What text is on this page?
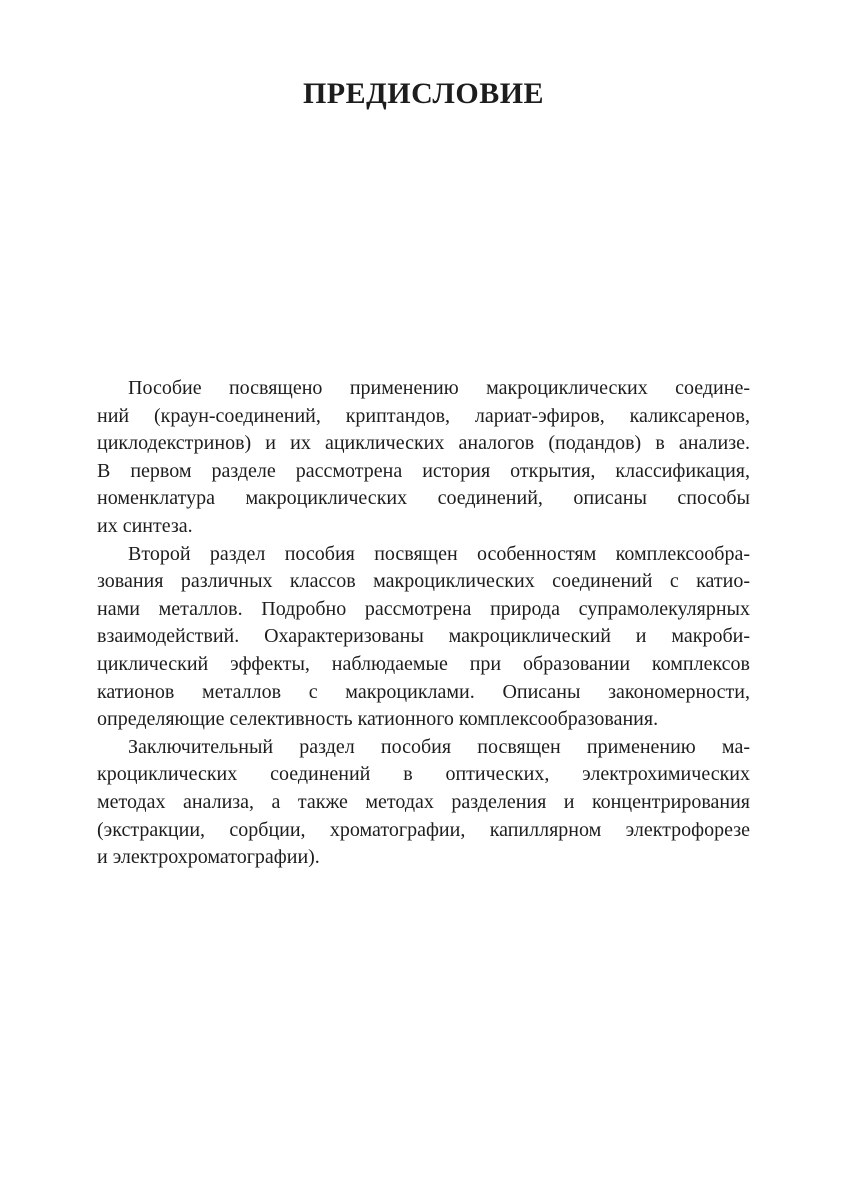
ПРЕДИСЛОВИЕ
Пособие посвящено применению макроциклических соедине-
ний (краун-соединений, криптандов, лариат-эфиров, каликсаренов,
циклодекстринов) и их ациклических аналогов (подандов) в анализе.
В первом разделе рассмотрена история открытия, классификация,
номенклатура макроциклических соединений, описаны способы
их синтеза.
Второй раздел пособия посвящен особенностям комплексообра-
зования различных классов макроциклических соединений с катио-
нами металлов. Подробно рассмотрена природа супрамолекулярных
взаимодействий. Охарактеризованы макроциклический и макроби-
циклический эффекты, наблюдаемые при образовании комплексов
катионов металлов с макроциклами. Описаны закономерности,
определяющие селективность катионного комплексообразования.
Заключительный раздел пособия посвящен применению ма-
кроциклических соединений в оптических, электрохимических
методах анализа, а также методах разделения и концентрирования
(экстракции, сорбции, хроматографии, капиллярном электрофорезе
и электрохроматографии).
